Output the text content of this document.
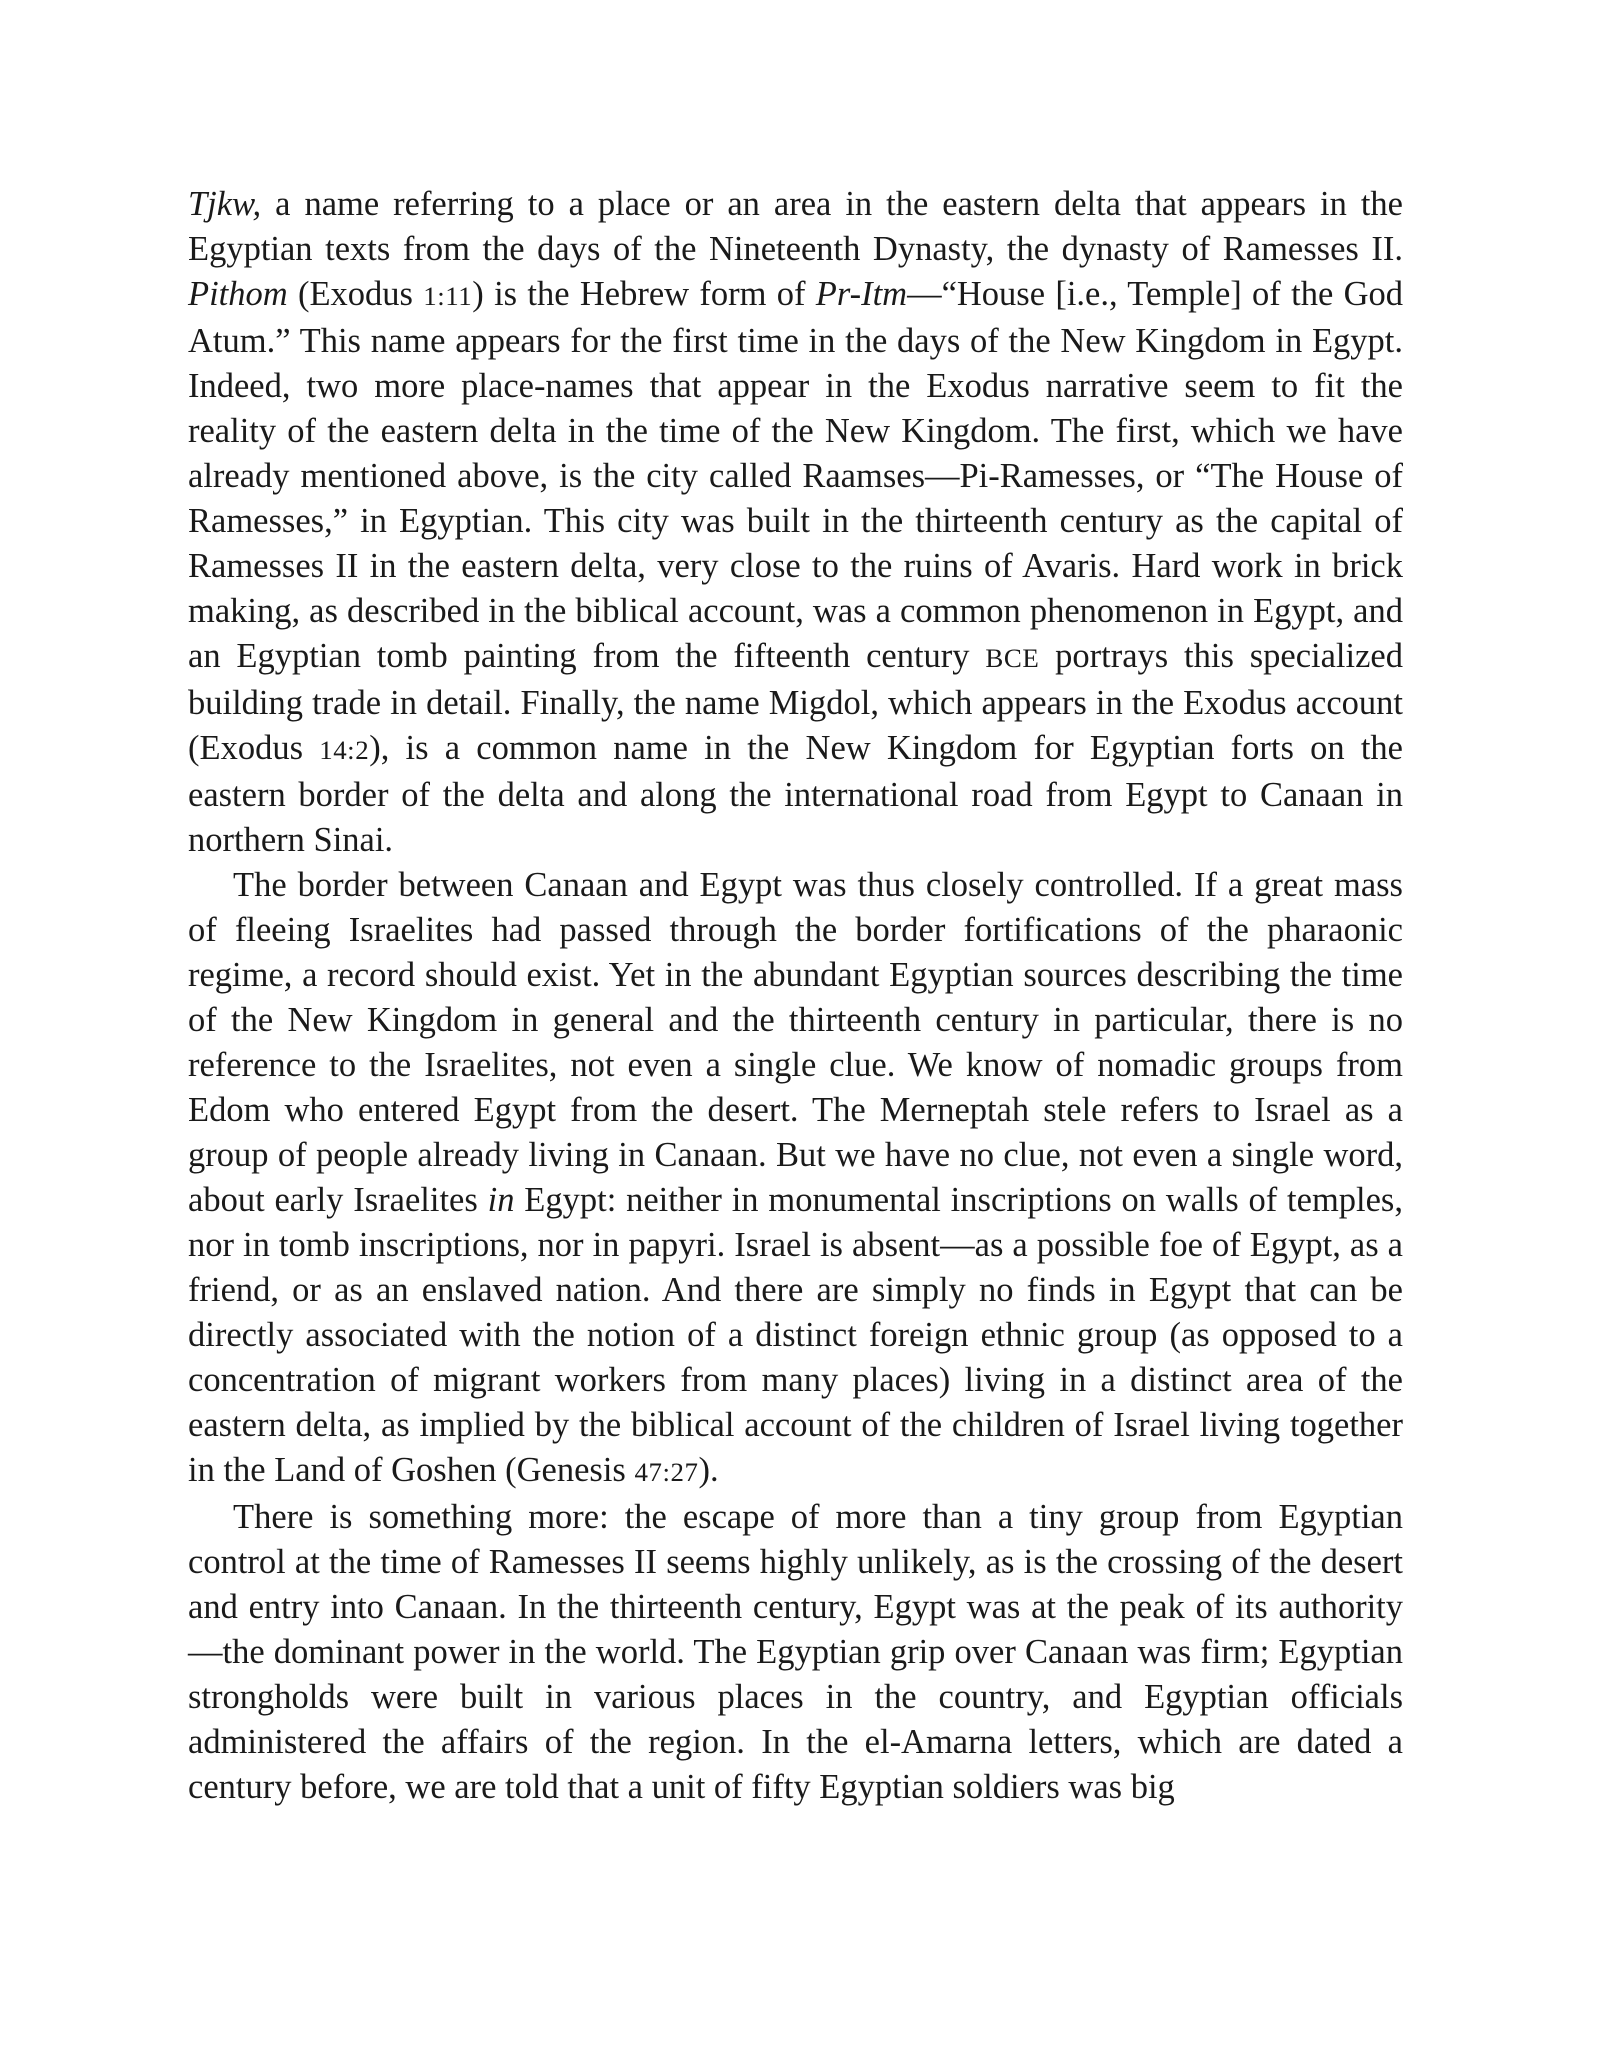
Tjkw, a name referring to a place or an area in the eastern delta that appears in the Egyptian texts from the days of the Nineteenth Dynasty, the dynasty of Ramesses II. Pithom (Exodus 1:11) is the Hebrew form of Pr-Itm—“House [i.e., Temple] of the God Atum.” This name appears for the first time in the days of the New Kingdom in Egypt. Indeed, two more place-names that appear in the Exodus narrative seem to fit the reality of the eastern delta in the time of the New Kingdom. The first, which we have already mentioned above, is the city called Raamses—Pi-Ramesses, or “The House of Ramesses,” in Egyptian. This city was built in the thirteenth century as the capital of Ramesses II in the eastern delta, very close to the ruins of Avaris. Hard work in brick making, as described in the biblical account, was a common phenomenon in Egypt, and an Egyptian tomb painting from the fifteenth century BCE portrays this specialized building trade in detail. Finally, the name Migdol, which appears in the Exodus account (Exodus 14:2), is a common name in the New Kingdom for Egyptian forts on the eastern border of the delta and along the international road from Egypt to Canaan in northern Sinai.

The border between Canaan and Egypt was thus closely controlled. If a great mass of fleeing Israelites had passed through the border fortifications of the pharaonic regime, a record should exist. Yet in the abundant Egyptian sources describing the time of the New Kingdom in general and the thirteenth century in particular, there is no reference to the Israelites, not even a single clue. We know of nomadic groups from Edom who entered Egypt from the desert. The Merneptah stele refers to Israel as a group of people already living in Canaan. But we have no clue, not even a single word, about early Israelites in Egypt: neither in monumental inscriptions on walls of temples, nor in tomb inscriptions, nor in papyri. Israel is absent—as a possible foe of Egypt, as a friend, or as an enslaved nation. And there are simply no finds in Egypt that can be directly associated with the notion of a distinct foreign ethnic group (as opposed to a concentration of migrant workers from many places) living in a distinct area of the eastern delta, as implied by the biblical account of the children of Israel living together in the Land of Goshen (Genesis 47:27).

There is something more: the escape of more than a tiny group from Egyptian control at the time of Ramesses II seems highly unlikely, as is the crossing of the desert and entry into Canaan. In the thirteenth century, Egypt was at the peak of its authority—the dominant power in the world. The Egyptian grip over Canaan was firm; Egyptian strongholds were built in various places in the country, and Egyptian officials administered the affairs of the region. In the el-Amarna letters, which are dated a century before, we are told that a unit of fifty Egyptian soldiers was big
